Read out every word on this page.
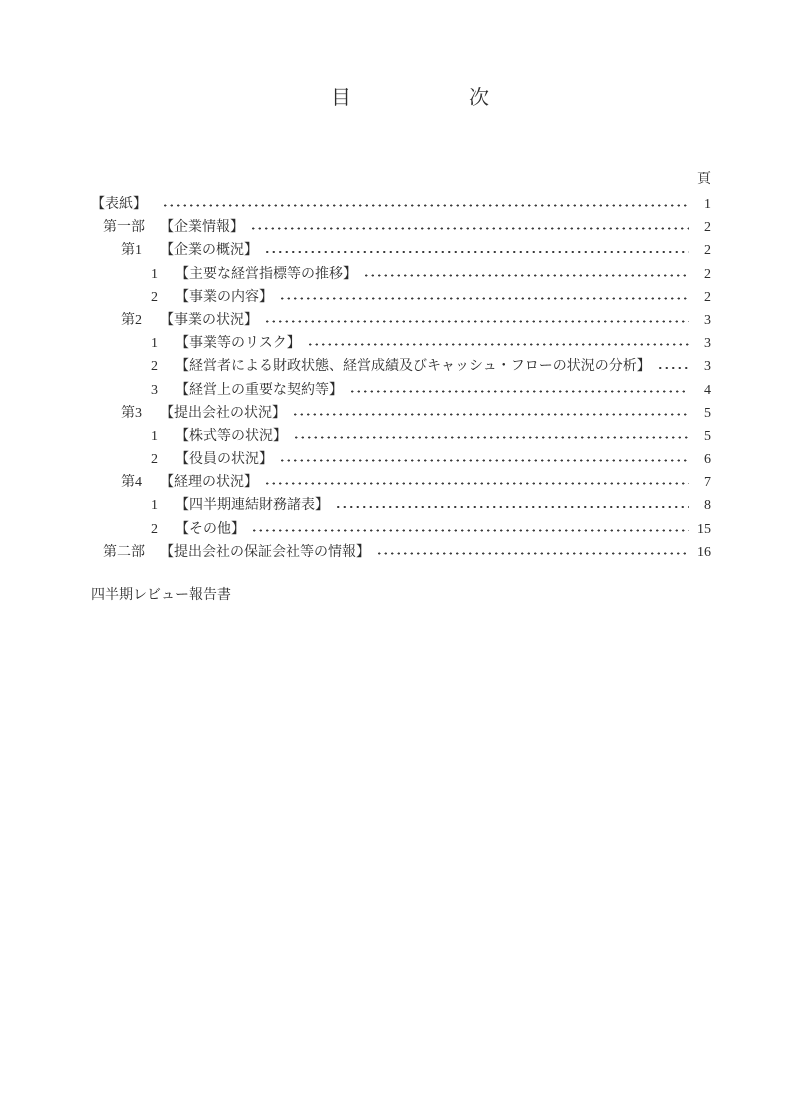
目	次
頁
【表紙】	1
第一部	【企業情報】	2
第1	【企業の概況】	2
1	【主要な経営指標等の推移】	2
2	【事業の内容】	2
第2	【事業の状況】	3
1	【事業等のリスク】	3
2	【経営者による財政状態、経営成績及びキャッシュ・フローの状況の分析】	3
3	【経営上の重要な契約等】	4
第3	【提出会社の状況】	5
1	【株式等の状況】	5
2	【役員の状況】	6
第4	【経理の状況】	7
1	【四半期連結財務諸表】	8
2	【その他】	15
第二部	【提出会社の保証会社等の情報】	16
四半期レビュー報告書
